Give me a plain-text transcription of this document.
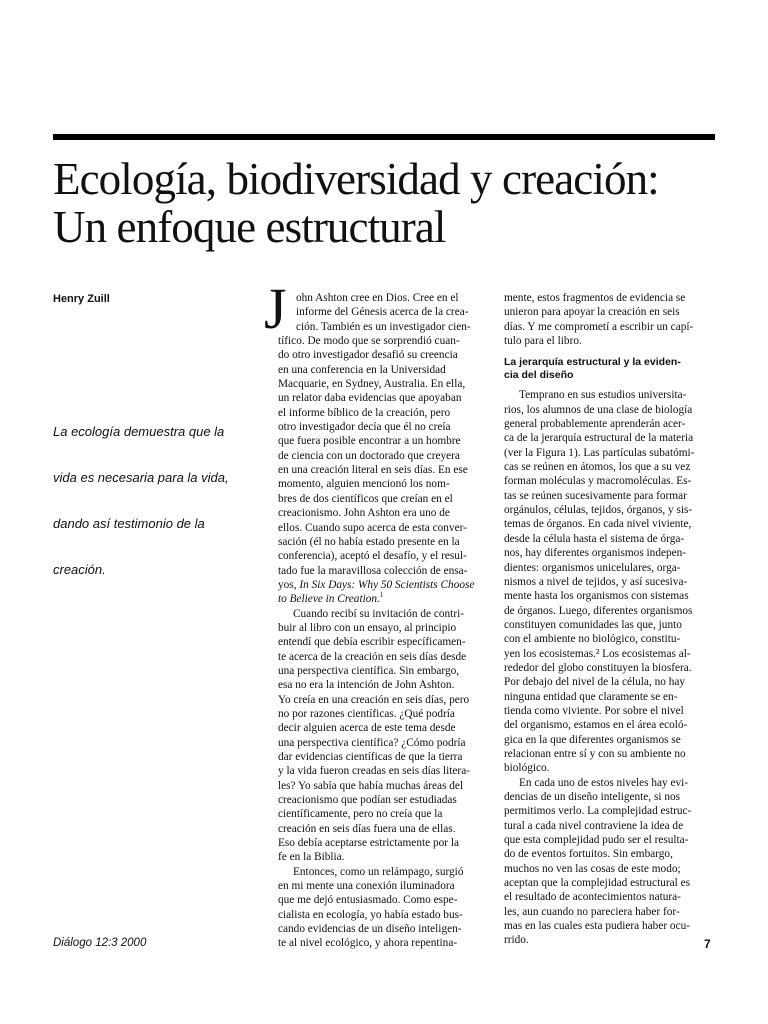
Ecología, biodiversidad y creación:
Un enfoque estructural
Henry Zuill
La ecología demuestra que la
vida es necesaria para la vida,
dando así testimonio de la
creación.
J ohn Ashton cree en Dios. Cree en el
informe del Génesis acerca de la crea-
ción. También es un investigador cien-
tífico. De modo que se sorprendió cuan-
do otro investigador desafió su creencia
en una conferencia en la Universidad
Macquarie, en Sydney, Australia. En ella,
un relator daba evidencias que apoyaban
el informe bíblico de la creación, pero
otro investigador decía que él no creía
que fuera posible encontrar a un hombre
de ciencia con un doctorado que creyera
en una creación literal en seis días. En ese
momento, alguien mencionó los nom-
bres de dos científicos que creían en el
creacionismo. John Ashton era uno de
ellos. Cuando supo acerca de esta conver-
sación (él no había estado presente en la
conferencia), aceptó el desafío, y el resul-
tado fue la maravillosa colección de ensa-
yos, In Six Days: Why 50 Scientists Choose
to Believe in Creation.$^1$
Cuando recibí su invitación de contri-
buir al libro con un ensayo, al principio
entendí que debía escribir específicamen-
te acerca de la creación en seis días desde
una perspectiva científica. Sin embargo,
esa no era la intención de John Ashton.
Yo creía en una creación en seis días, pero
no por razones científicas. ¿Qué podría
decir alguien acerca de este tema desde
una perspectiva científica? ¿Cómo podría
dar evidencias científicas de que la tierra
y la vida fueron creadas en seis días litera-
les? Yo sabía que había muchas áreas del
creacionismo que podían ser estudiadas
científicamente, pero no creía que la
creación en seis días fuera una de ellas.
Eso debía aceptarse estrictamente por la
fe en la Biblia.
Entonces, como un relámpago, surgió
en mi mente una conexión iluminadora
que me dejó entusiasmado. Como espe-
cialista en ecología, yo había estado bus-
cando evidencias de un diseño inteligen-
te al nivel ecológico, y ahora repentina-
mente, estos fragmentos de evidencia se
unieron para apoyar la creación en seis
días. Y me comprometí a escribir un capí-
tulo para el libro.
La jerarquía estructural y la eviden-
cia del diseño
Temprano en sus estudios universita-
rios, los alumnos de una clase de biología
general probablemente aprenderán acer-
ca de la jerarquía estructural de la materia
(ver la Figura 1). Las partículas subatómi-
cas se reúnen en átomos, los que a su vez
forman moléculas y macromoléculas. Es-
tas se reúnen sucesivamente para formar
orgánulos, células, tejidos, órganos, y sis-
temas de órganos. En cada nivel viviente,
desde la célula hasta el sistema de órga-
nos, hay diferentes organismos indepen-
dientes: organismos unicelulares, orga-
nismos a nivel de tejidos, y así sucesiva-
mente hasta los organismos con sistemas
de órganos. Luego, diferentes organismos
constituyen comunidades las que, junto
con el ambiente no biológico, constitu-
yen los ecosistemas.² Los ecosistemas al-
rededor del globo constituyen la biosfera.
Por debajo del nivel de la célula, no hay
ninguna entidad que claramente se en-
tienda como viviente. Por sobre el nivel
del organismo, estamos en el área ecoló-
gica en la que diferentes organismos se
relacionan entre sí y con su ambiente no
biológico.
En cada uno de estos niveles hay evi-
dencias de un diseño inteligente, si nos
permitimos verlo. La complejidad estruc-
tural a cada nivel contraviene la idea de
que esta complejidad pudo ser el resulta-
do de eventos fortuitos. Sin embargo,
muchos no ven las cosas de este modo;
aceptan que la complejidad estructural es
el resultado de acontecimientos natura-
les, aun cuando no pareciera haber for-
mas en las cuales esta pudiera haber ocu-
rrido.
Diálogo 12:3 2000	7
